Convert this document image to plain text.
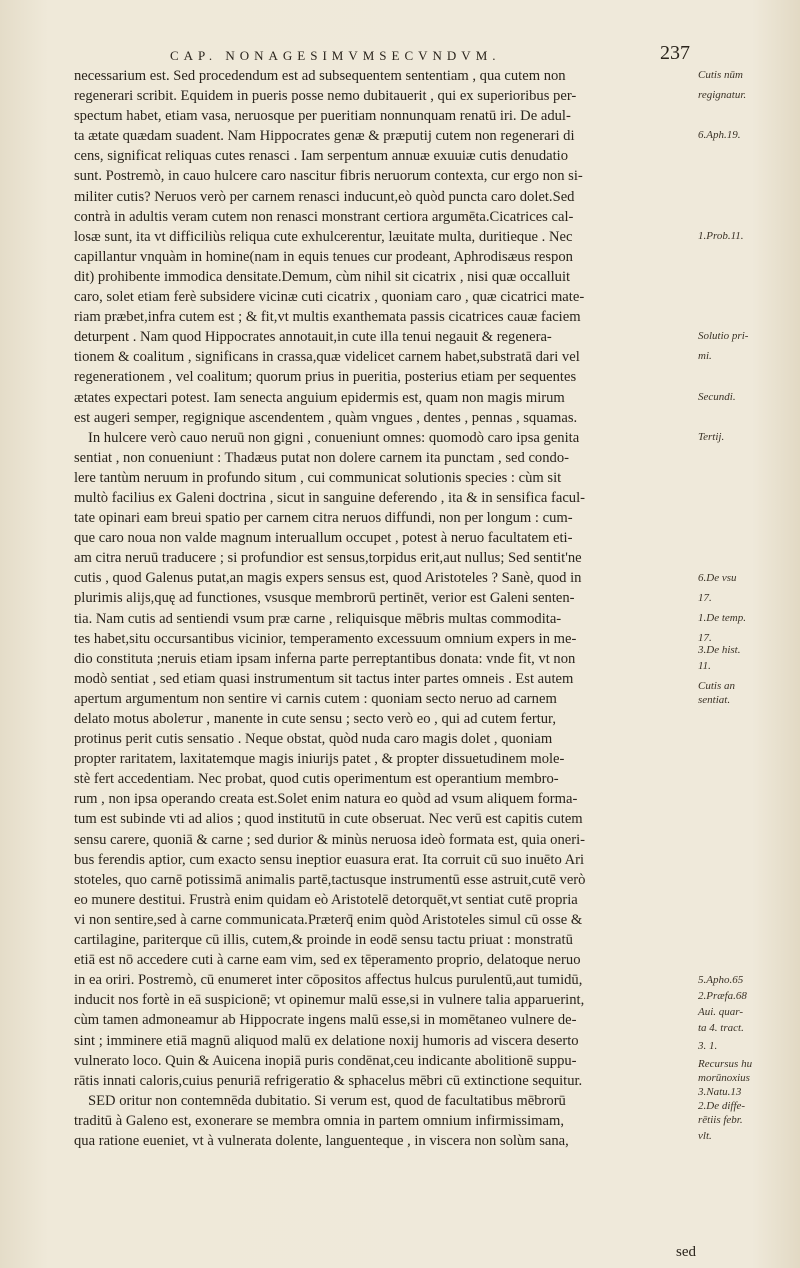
CAP. NONAGESIMVMSECVNDVM.	237
necessarium est. Sed procedendum est ad subsequentem sententiam , qua cutem non
regenerari scribit. Equidem in pueris posse nemo dubitauerit , qui ex superioribus per-
spectum habet, etiam vasa, neruosque per pueritiam nonnunquam renatū iri. De adul-
ta ætate quædam suadent. Nam Hippocrates genæ & præputij cutem non regenerari di
cens, significat reliquas cutes renasci . Iam serpentum annuæ exuuiæ cutis denudatio
sunt. Postremò, in cauo hulcere caro nascitur fibris neruorum contexta, cur ergo non si-
militer cutis? Neruos verò per carnem renasci inducunt,eò quòd puncta caro dolet.Sed
contrà in adultis veram cutem non renasci monstrant certiora argumēta.Cicatrices cal-
losæ sunt, ita vt difficiliùs reliqua cute exhulcerentur, læuitate multa, duritieque . Nec
capillantur vnquàm in homine(nam in equis tenues cur prodeant, Aphrodisæus respon
dit) prohibente immodica densitate.Demum, cùm nihil sit cicatrix , nisi quæ occalluit
caro, solet etiam ferè subsidere vicinæ cuti cicatrix , quoniam caro , quæ cicatrici mate-
riam præbet,infra cutem est ; & fit,vt multis exanthemata passis cicatrices cauæ faciem
deturpent . Nam quod Hippocrates annotauit,in cute illa tenui negauit & regenera-
tionem & coalitum , significans in crassa,quæ videlicet carnem habet,substratā dari vel
regenerationem , vel coalitum; quorum prius in pueritia, posterius etiam per sequentes
ætates expectari potest. Iam senecta anguium epidermis est, quam non magis mirum
est augeri semper, regignique ascendentem , quàm vngues , dentes , pennas , squamas.
In hulcere verò cauo neruū non gigni , conueniunt omnes: quomodò caro ipsa genita
sentiat , non conueniunt : Thadæus putat non dolere carnem ita punctam , sed condo-
lere tantùm neruum in profundo situm , cui communicat solutionis species : cùm sit
multò facilius ex Galeni doctrina , sicut in sanguine deferendo , ita & in sensifica facul-
tate opinari eam breui spatio per carnem citra neruos diffundi, non per longum : cum-
que caro noua non valde magnum interuallum occupet , potest à neruo facultatem eti-
am citra neruū traducere ; si profundior est sensus,torpidus erit,aut nullus; Sed sentit'ne
cutis , quod Galenus putat,an magis expers sensus est, quod Aristoteles ? Sanè, quod in
plurimis alijs,quę ad functiones, vsusque membrorū pertinēt, verior est Galeni senten-
tia. Nam cutis ad sentiendi vsum præ carne , reliquisque mēbris multas commodita-
tes habet,situ occursantibus vicinior, temperamento excessuum omnium expers in me-
dio constituta ;neruis etiam ipsam inferna parte perreptantibus donata: vnde fit, vt non
modò sentiat , sed etiam quasi instrumentum sit tactus inter partes omneis . Est autem
apertum argumentum non sentire vi carnis cutem : quoniam secto neruo ad carnem
delato motus abolетur , manente in cute sensu ; secto verò eo , qui ad cutem fertur,
protinus perit cutis sensatio . Neque obstat, quòd nuda caro magis dolet , quoniam
propter raritatem, laxitatemque magis iniurijs patet , & propter dissuetudinem mole-
stè fert accedentiam. Nec probat, quod cutis operimentum est operantium membro-
rum , non ipsa operando creata est.Solet enim natura eo quòd ad vsum aliquem forma-
tum est subinde vti ad alios ; quod institutū in cute obseruat. Nec verū est capitis cutem
sensu carere, quoniā & carne ; sed durior & minùs neruosa ideò formata est, quia oneri-
bus ferendis aptior, cum exacto sensu ineptior euasura erat. Ita corruit cū suo inuēto Ari
stoteles, quo carnē potissimā animalis partē,tactusque instrumentū esse astruit,cutē verò
eo munere destitui. Frustrà enim quidam eò Aristotelē detorquēt,vt sentiat cutē propria
vi non sentire,sed à carne communicata.Præterq̄ enim quòd Aristoteles simul cū osse &
cartilagine, pariterque cū illis, cutem,& proinde in eodē sensu tactu priuat : monstratū
etiā est nō accedere cuti à carne eam vim, sed ex tēperamento proprio, delatoque neruo
in ea oriri. Postremò, cū enumeret inter cōpositos affectus hulcus purulentū,aut tumidū,
inducit nos fortè in eā suspicionē; vt opinemur malū esse,si in vulnere talia apparuerint,
cùm tamen admoneamur ab Hippocrate ingens malū esse,si in momētaneo vulnere de-
sint ; imminere etiā magnū aliquod malū ex delatione noxij humoris ad viscera deserto
vulnerato loco. Quin & Auicena inopiā puris condēnat,ceu indicante abolitionē suppu-
rātis innati caloris,cuius penuriā refrigeratio & sphacelus mēbri cū extinctione sequitur.
SED oritur non contemnēda dubitatio. Si verum est, quod de facultatibus mēbrorū
traditū à Galeno est, exonerare se membra omnia in partem omnium infirmissimam,
qua ratione eueniet, vt à vulnerata dolente, languenteque , in viscera non solùm sana,
Cutis nūm
regignatur.
6.Aph.19.
1.Prob.11.
Solutio pri-
mi.
Secundi.
Tertij.
6.De vsu
17.
1.De temp.
17.
3.De hist.
11.
Cutis an
sentiat.
5.Apho.65
2.Præfa.68
Aui. quar-
ta 4. tract.
3. 1.
Recursus hu
morūnoxius
3.Natu.13
2.De diffe-
rētiis febr.
vlt.
sed
